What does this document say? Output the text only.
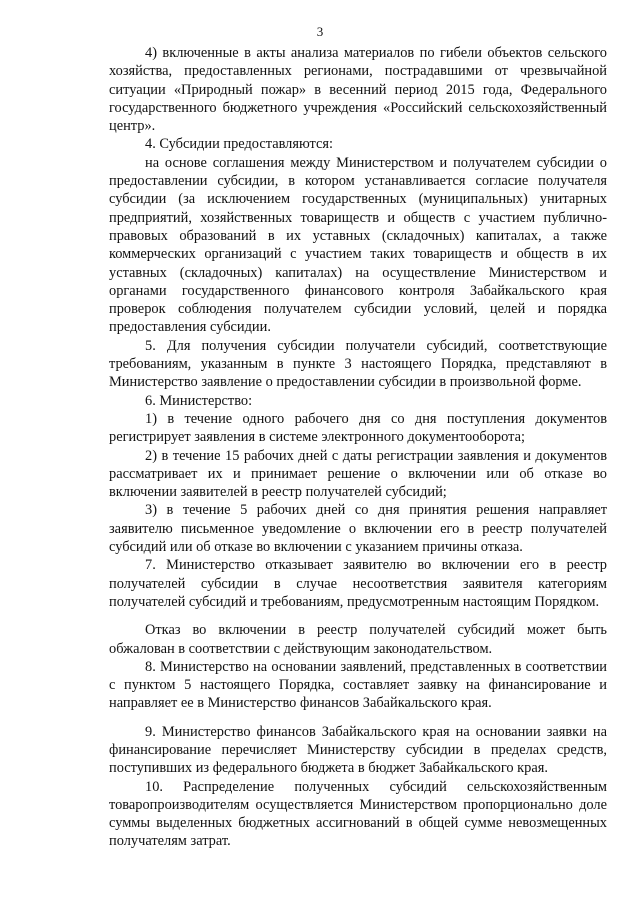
3

4) включенные в акты анализа материалов по гибели объектов сельского хозяйства, предоставленных регионами, пострадавшими от чрезвычайной ситуации «Природный пожар» в весенний период 2015 года, Федерального государственного бюджетного учреждения «Российский сельскохозяйственный центр».

4. Субсидии предоставляются:

на основе соглашения между Министерством и получателем субсидии о предоставлении субсидии, в котором устанавливается согласие получателя субсидии (за исключением государственных (муниципальных) унитарных предприятий, хозяйственных товариществ и обществ с участием публично-правовых образований в их уставных (складочных) капиталах, а также коммерческих организаций с участием таких товариществ и обществ в их уставных (складочных) капиталах) на осуществление Министерством и органами государственного финансового контроля Забайкальского края проверок соблюдения получателем субсидии условий, целей и порядка предоставления субсидии.

5. Для получения субсидии получатели субсидий, соответствующие требованиям, указанным в пункте 3 настоящего Порядка, представляют в Министерство заявление о предоставлении субсидии в произвольной форме.

6. Министерство:

1) в течение одного рабочего дня со дня поступления документов регистрирует заявления в системе электронного документооборота;

2) в течение 15 рабочих дней с даты регистрации заявления и документов рассматривает их и принимает решение о включении или об отказе во включении заявителей в реестр получателей субсидий;

3) в течение 5 рабочих дней со дня принятия решения направляет заявителю письменное уведомление о включении его в реестр получателей субсидий или об отказе во включении с указанием причины отказа.

7. Министерство отказывает заявителю во включении его в реестр получателей субсидии в случае несоответствия заявителя категориям получателей субсидий и требованиям, предусмотренным настоящим Порядком.

Отказ во включении в реестр получателей субсидий может быть обжалован в соответствии с действующим законодательством.

8. Министерство на основании заявлений, представленных в соответствии с пунктом 5 настоящего Порядка, составляет заявку на финансирование и направляет ее в Министерство финансов Забайкальского края.

9. Министерство финансов Забайкальского края на основании заявки на финансирование перечисляет Министерству субсидии в пределах средств, поступивших из федерального бюджета в бюджет Забайкальского края.

10. Распределение полученных субсидий сельскохозяйственным товаропроизводителям осуществляется Министерством пропорционально доле суммы выделенных бюджетных ассигнований в общей сумме невозмещенных получателям затрат.
